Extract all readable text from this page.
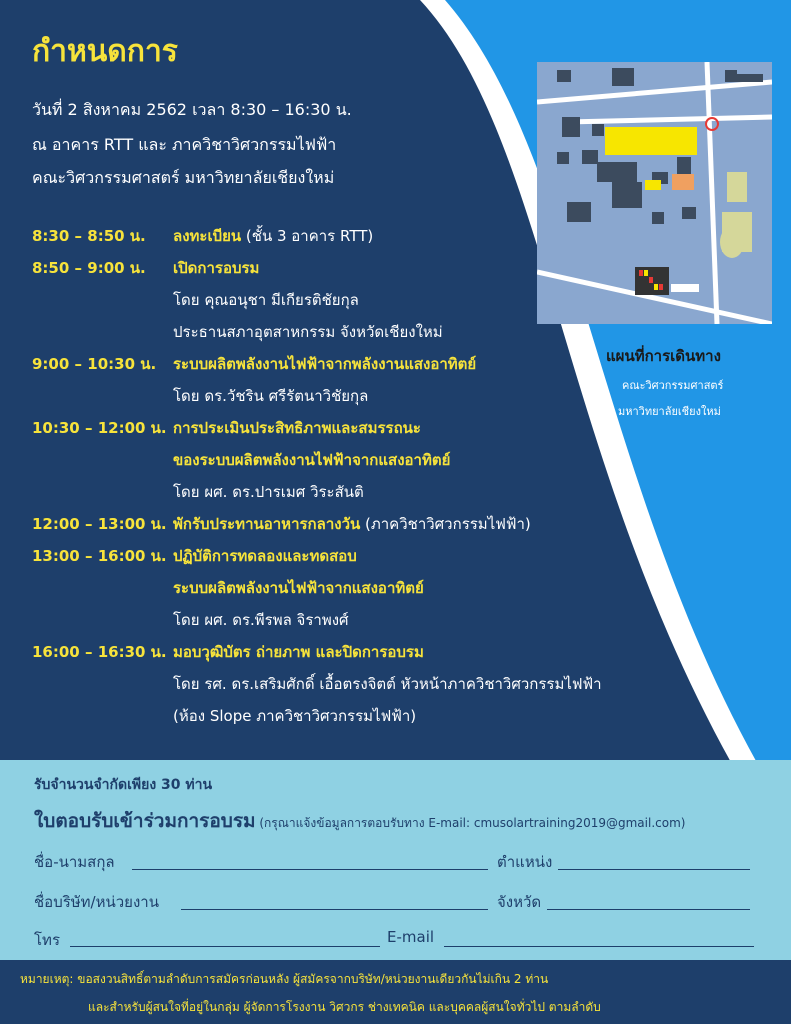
กำหนดการ
วันที่ 2 สิงหาคม 2562 เวลา 8:30 – 16:30 น.
ณ อาคาร RTT และ ภาควิชาวิศวกรรมไฟฟ้า
คณะวิศวกรรมศาสตร์ มหาวิทยาลัยเชียงใหม่
8:30 – 8:50 น. ลงทะเบียน (ชั้น 3 อาคาร RTT)
8:50 – 9:00 น. เปิดการอบรม
โดย คุณอนุชา มีเกียรติชัยกุล
ประธานสภาอุตสาหกรรม จังหวัดเชียงใหม่
9:00 – 10:30 น. ระบบผลิตพลังงานไฟฟ้าจากพลังงานแสงอาทิตย์
โดย ดร.วัชริน ศรีรัตนาวิชัยกุล
10:30 – 12:00 น. การประเมินประสิทธิภาพและสมรรถนะ
ของระบบผลิตพลังงานไฟฟ้าจากแสงอาทิตย์
โดย ผศ. ดร.ปารเมศ วิระสันติ
12:00 – 13:00 น. พักรับประทานอาหารกลางวัน (ภาควิชาวิศวกรรมไฟฟ้า)
13:00 – 16:00 น. ปฏิบัติการทดลองและทดสอบ
ระบบผลิตพลังงานไฟฟ้าจากแสงอาทิตย์
โดย ผศ. ดร.พีรพล จิราพงศ์
16:00 – 16:30 น. มอบวุฒิบัตร ถ่ายภาพ และปิดการอบรม
โดย รศ. ดร.เสริมศักดิ์ เอื้อตรงจิตต์ หัวหน้าภาควิชาวิศวกรรมไฟฟ้า
(ห้อง Slope ภาควิชาวิศวกรรมไฟฟ้า)
แผนที่การเดินทาง
คณะวิศวกรรมศาสตร์
มหาวิทยาลัยเชียงใหม่
รับจำนวนจำกัดเพียง 30 ท่าน
ใบตอบรับเข้าร่วมการอบรม (กรุณาแจ้งข้อมูลการตอบรับทาง E-mail: cmusolartraining2019@gmail.com)
ชื่อ-นามสกุล	ตำแหน่ง
ชื่อบริษัท/หน่วยงาน	จังหวัด
โทร	E-mail
หมายเหตุ: ขอสงวนสิทธิ์ตามลำดับการสมัครก่อนหลัง ผู้สมัครจากบริษัท/หน่วยงานเดียวกันไม่เกิน 2 ท่าน
และสำหรับผู้สนใจที่อยู่ในกลุ่ม ผู้จัดการโรงงาน วิศวกร ช่างเทคนิค และบุคคลผู้สนใจทั่วไป ตามลำดับ
